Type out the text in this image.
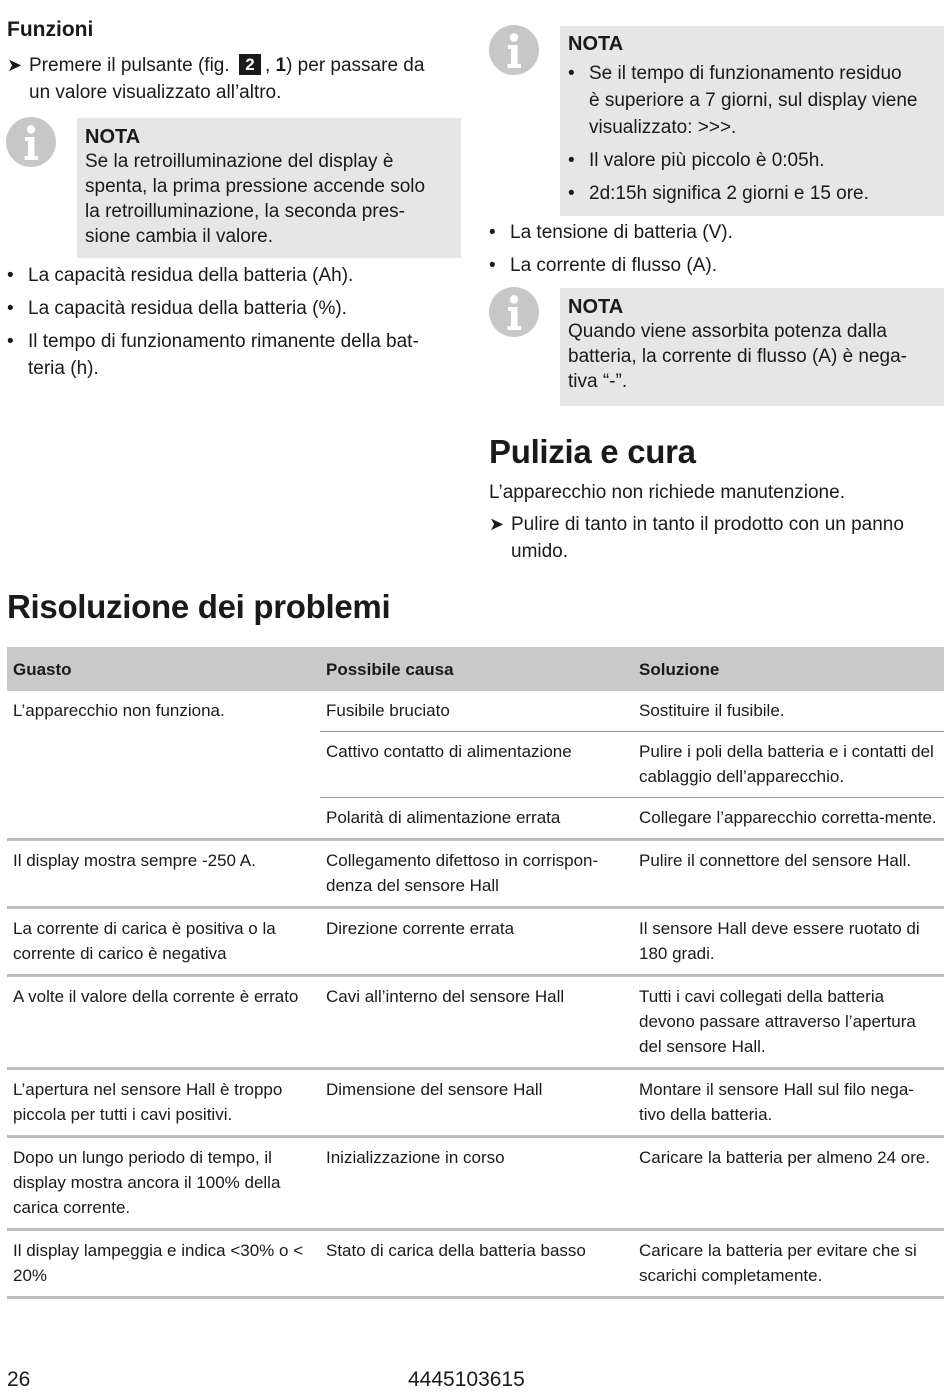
Funzioni
➤ Premere il pulsante (fig. 2 , 1) per passare da
un valore visualizzato all’altro.
NOTA
Se la retroilluminazione del display è
spenta, la prima pressione accende solo
la retroilluminazione, la seconda pres-
sione cambia il valore.
• La capacità residua della batteria (Ah).
• La capacità residua della batteria (%).
• Il tempo di funzionamento rimanente della bat-
teria (h).
NOTA
• Se il tempo di funzionamento residuo
è superiore a 7 giorni, sul display viene
visualizzato: >>>.
• Il valore più piccolo è 0:05h.
• 2d:15h significa 2 giorni e 15 ore.
• La tensione di batteria (V).
• La corrente di flusso (A).
NOTA
Quando viene assorbita potenza dalla
batteria, la corrente di flusso (A) è nega-
tiva “-”.
Pulizia e cura
L’apparecchio non richiede manutenzione.
➤ Pulire di tanto in tanto il prodotto con un panno
umido.
Risoluzione dei problemi
Guasto	Possibile causa	Soluzione
L’apparecchio non funziona.	Fusibile bruciato	Sostituire il fusibile.
	Cattivo contatto di alimentazione	Pulire i poli della batteria e i contatti del cablaggio dell’apparecchio.
	Polarità di alimentazione errata	Collegare l’apparecchio corretta-mente.
Il display mostra sempre -250 A.	Collegamento difettoso in corrispon-denza del sensore Hall	Pulire il connettore del sensore Hall.
La corrente di carica è positiva o la corrente di carico è negativa	Direzione corrente errata	Il sensore Hall deve essere ruotato di 180 gradi.
A volte il valore della corrente è errato	Cavi all’interno del sensore Hall	Tutti i cavi collegati della batteria devono passare attraverso l’apertura del sensore Hall.
L’apertura nel sensore Hall è troppo piccola per tutti i cavi positivi.	Dimensione del sensore Hall	Montare il sensore Hall sul filo nega-tivo della batteria.
Dopo un lungo periodo di tempo, il display mostra ancora il 100% della carica corrente.	Inizializzazione in corso	Caricare la batteria per almeno 24 ore.
Il display lampeggia e indica <30% o < 20%	Stato di carica della batteria basso	Caricare la batteria per evitare che si scarichi completamente.
26	4445103615
